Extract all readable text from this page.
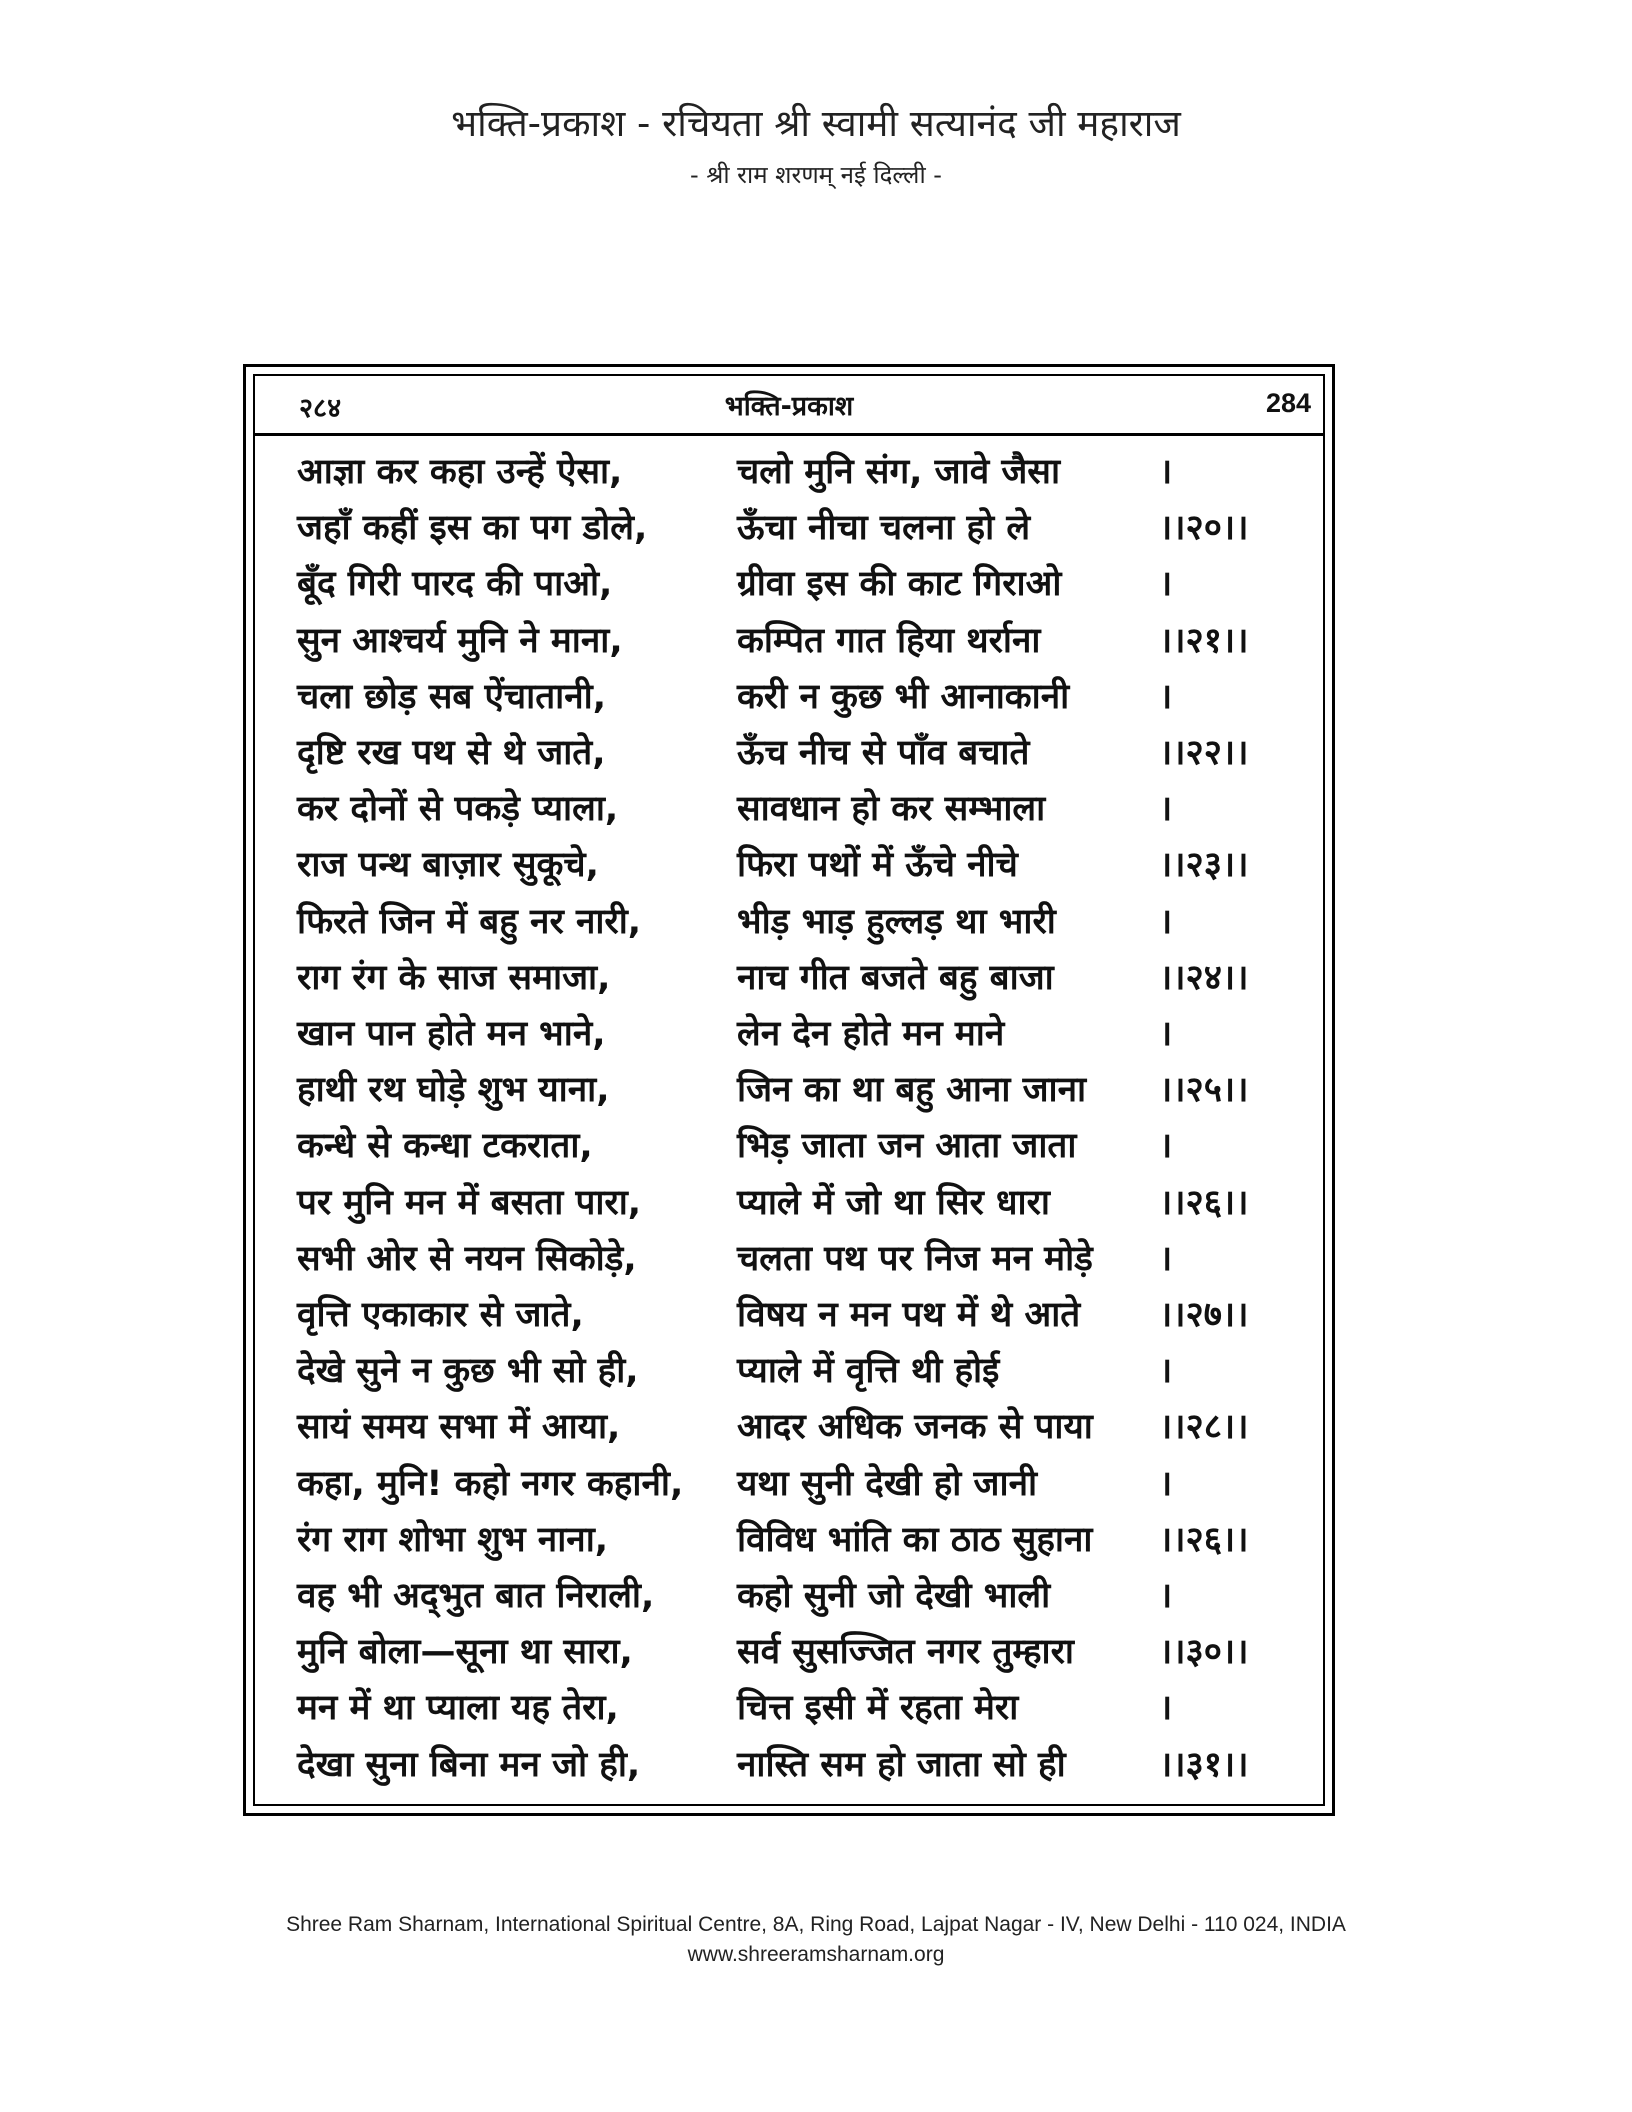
भक्ति-प्रकाश - रचियता श्री स्वामी सत्यानंद जी महाराज
- श्री राम शरणम् नई दिल्ली -
२८४	भक्ति-प्रकाश	284
आज्ञा कर कहा उन्हें ऐसा,	चलो मुनि संग, जावे जैसा	।
जहाँ कहीं इस का पग डोले,	ऊँचा नीचा चलना हो ले	।।२०।।
बूँद गिरी पारद की पाओ,	ग्रीवा इस की काट गिराओ	।
सुन आश्चर्य मुनि ने माना,	कम्पित गात हिया थर्राना	।।२१।।
चला छोड़ सब ऐंचातानी,	करी न कुछ भी आनाकानी	।
दृष्टि रख पथ से थे जाते,	ऊँच नीच से पाँव बचाते	।।२२।।
कर दोनों से पकड़े प्याला,	सावधान हो कर सम्भाला	।
राज पन्थ बाज़ार सुकूचे,	फिरा पथों में ऊँचे नीचे	।।२३।।
फिरते जिन में बहु नर नारी,	भीड़ भाड़ हुल्लड़ था भारी	।
राग रंग के साज समाजा,	नाच गीत बजते बहु बाजा	।।२४।।
खान पान होते मन भाने,	लेन देन होते मन माने	।
हाथी रथ घोड़े शुभ याना,	जिन का था बहु आना जाना	।।२५।।
कन्धे से कन्धा टकराता,	भिड़ जाता जन आता जाता	।
पर मुनि मन में बसता पारा,	प्याले में जो था सिर धारा	।।२६।।
सभी ओर से नयन सिकोड़े,	चलता पथ पर निज मन मोड़े	।
वृत्ति एकाकार से जाते,	विषय न मन पथ में थे आते	।।२७।।
देखे सुने न कुछ भी सो ही,	प्याले में वृत्ति थी होई	।
सायं समय सभा में आया,	आदर अधिक जनक से पाया	।।२८।।
कहा, मुनि! कहो नगर कहानी,	यथा सुनी देखी हो जानी	।
रंग राग शोभा शुभ नाना,	विविध भांति का ठाठ सुहाना	।।२६।।
वह भी अद्‌भुत बात निराली,	कहो सुनी जो देखी भाली	।
मुनि बोला—सूना था सारा,	सर्व सुसज्जित नगर तुम्हारा	।।३०।।
मन में था प्याला यह तेरा,	चित्त इसी में रहता मेरा	।
देखा सुना बिना मन जो ही,	नास्ति सम हो जाता सो ही	।।३१।।
Shree Ram Sharnam, International Spiritual Centre, 8A, Ring Road, Lajpat Nagar - IV, New Delhi - 110 024, INDIA
www.shreeramsharnam.org
